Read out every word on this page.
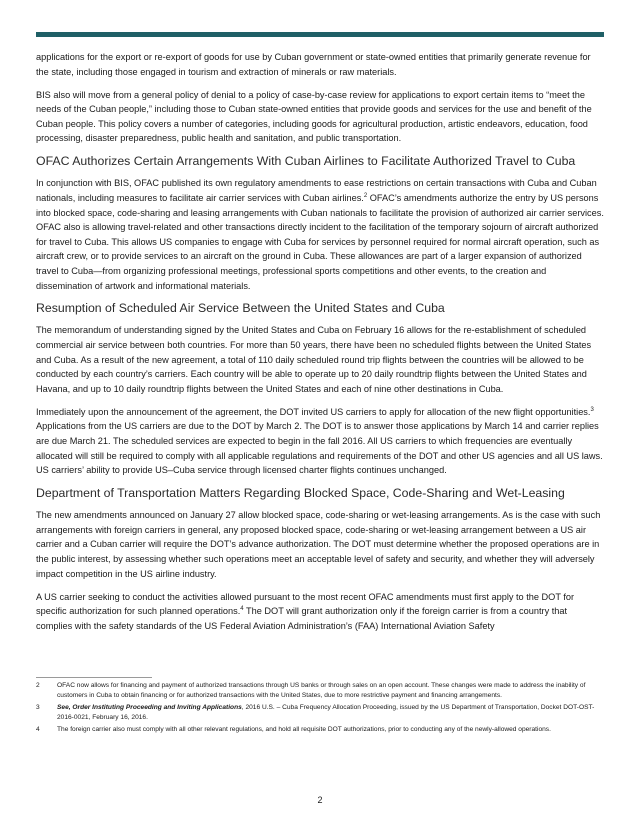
applications for the export or re-export of goods for use by Cuban government or state-owned entities that primarily generate revenue for the state, including those engaged in tourism and extraction of minerals or raw materials.

BIS also will move from a general policy of denial to a policy of case-by-case review for applications to export certain items to “meet the needs of the Cuban people,” including those to Cuban state-owned entities that provide goods and services for the use and benefit of the Cuban people. This policy covers a number of categories, including goods for agricultural production, artistic endeavors, education, food processing, disaster preparedness, public health and sanitation, and public transportation.

OFAC Authorizes Certain Arrangements With Cuban Airlines to Facilitate Authorized Travel to Cuba

In conjunction with BIS, OFAC published its own regulatory amendments to ease restrictions on certain transactions with Cuba and Cuban nationals, including measures to facilitate air carrier services with Cuban airlines.$^2$ OFAC’s amendments authorize the entry by US persons into blocked space, code-sharing and leasing arrangements with Cuban nationals to facilitate the provision of authorized air carrier services. OFAC also is allowing travel-related and other transactions directly incident to the facilitation of the temporary sojourn of aircraft authorized for travel to Cuba. This allows US companies to engage with Cuba for services by personnel required for normal aircraft operation, such as aircraft crew, or to provide services to an aircraft on the ground in Cuba. These allowances are part of a larger expansion of authorized travel to Cuba—from organizing professional meetings, professional sports competitions and other events, to the creation and dissemination of artwork and informational materials.

Resumption of Scheduled Air Service Between the United States and Cuba

The memorandum of understanding signed by the United States and Cuba on February 16 allows for the re-establishment of scheduled commercial air service between both countries. For more than 50 years, there have been no scheduled flights between the United States and Cuba. As a result of the new agreement, a total of 110 daily scheduled round trip flights between the countries will be allowed to be conducted by each country’s carriers. Each country will be able to operate up to 20 daily roundtrip flights between the United States and Havana, and up to 10 daily roundtrip flights between the United States and each of nine other destinations in Cuba.

Immediately upon the announcement of the agreement, the DOT invited US carriers to apply for allocation of the new flight opportunities.$^3$ Applications from the US carriers are due to the DOT by March 2. The DOT is to answer those applications by March 14 and carrier replies are due March 21. The scheduled services are expected to begin in the fall 2016. All US carriers to which frequencies are eventually allocated will still be required to comply with all applicable regulations and requirements of the DOT and other US agencies and all US laws. US carriers’ ability to provide US–Cuba service through licensed charter flights continues unchanged.

Department of Transportation Matters Regarding Blocked Space, Code-Sharing and Wet-Leasing

The new amendments announced on January 27 allow blocked space, code-sharing or wet-leasing arrangements. As is the case with such arrangements with foreign carriers in general, any proposed blocked space, code-sharing or wet-leasing arrangement between a US air carrier and a Cuban carrier will require the DOT’s advance authorization. The DOT must determine whether the proposed operations are in the public interest, by assessing whether such operations meet an acceptable level of safety and security, and whether they will adversely impact competition in the US airline industry.

A US carrier seeking to conduct the activities allowed pursuant to the most recent OFAC amendments must first apply to the DOT for specific authorization for such planned operations.$^4$ The DOT will grant authorization only if the foreign carrier is from a country that complies with the safety standards of the US Federal Aviation Administration’s (FAA) International Aviation Safety

2	OFAC now allows for financing and payment of authorized transactions through US banks or through sales on an open account. These changes were made to address the inability of customers in Cuba to obtain financing or for authorized transactions with the United States, due to more restrictive payment and financing arrangements.
3	See, Order Instituting Proceeding and Inviting Applications, 2016 U.S. – Cuba Frequency Allocation Proceeding, issued by the US Department of Transportation, Docket DOT-OST-2016-0021, February 16, 2016.
4	The foreign carrier also must comply with all other relevant regulations, and hold all requisite DOT authorizations, prior to conducting any of the newly-allowed operations.
2
